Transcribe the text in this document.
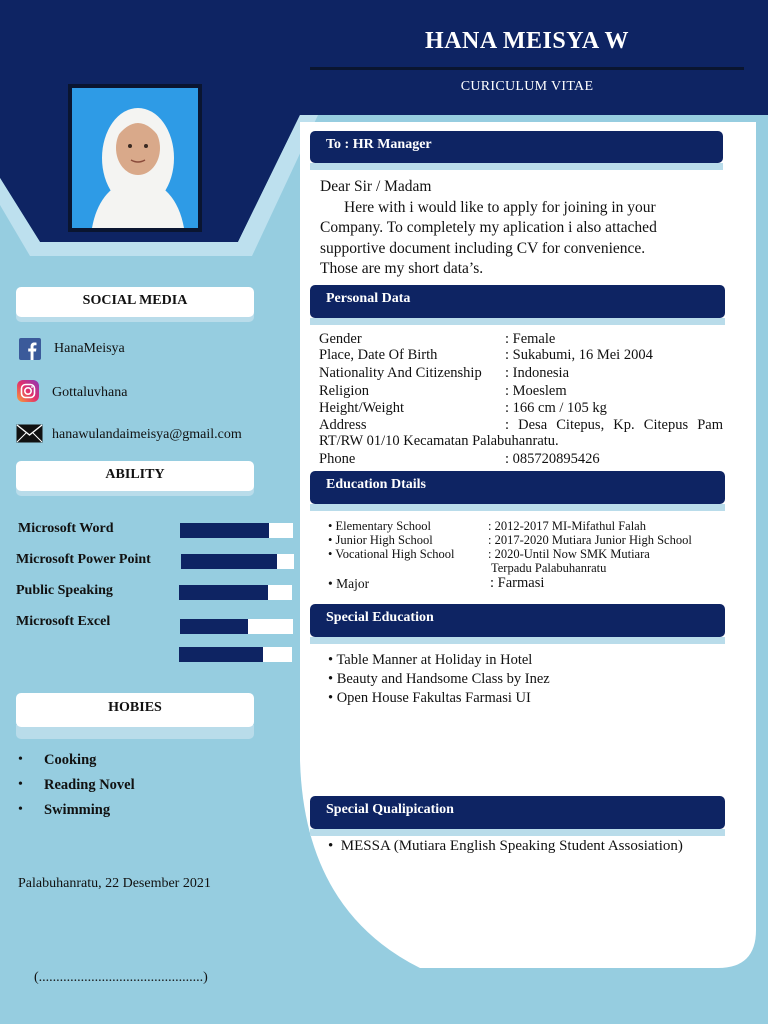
HANA MEISYA W
CURICULUM VITAE
To : HR Manager
Dear Sir / Madam
Here with i would like to apply for joining in your
Company. To completely my aplication i also attached
supportive document including CV for convenience.
Those are my short data’s.
Personal Data
Gender	: Female
Place, Date Of Birth	: Sukabumi, 16 Mei 2004
Nationality And Citizenship : Indonesia
Religion	: Moeslem
Height/Weight	: 166 cm / 105 kg
Address	: Desa Citepus, Kp. Citepus Pam
RT/RW 01/10 Kecamatan Palabuhanratu.
Phone	: 085720895426
Education Dtails
• Elementary School	: 2012-2017 MI-Mifathul Falah
• Junior High School	: 2017-2020 Mutiara Junior High School
• Vocational High School	: 2020-Until Now SMK Mutiara
Terpadu Palabuhanratu
• Major	: Farmasi
Special Education
• Table Manner at Holiday in Hotel
• Beauty and Handsome Class by Inez
• Open House Fakultas Farmasi UI
Special Qualipication
•  MESSA (Mutiara English Speaking Student Assosiation)
SOCIAL MEDIA
HanaMeisya
Gottaluvhana
hanawulandaimeisya@gmail.com
ABILITY
Microsoft Word
Microsoft Power Point
Public Speaking
Microsoft Excel
HOBIES
• Cooking
• Reading Novel
• Swimming
Palabuhanratu, 22 Desember 2021
(...............................................)
